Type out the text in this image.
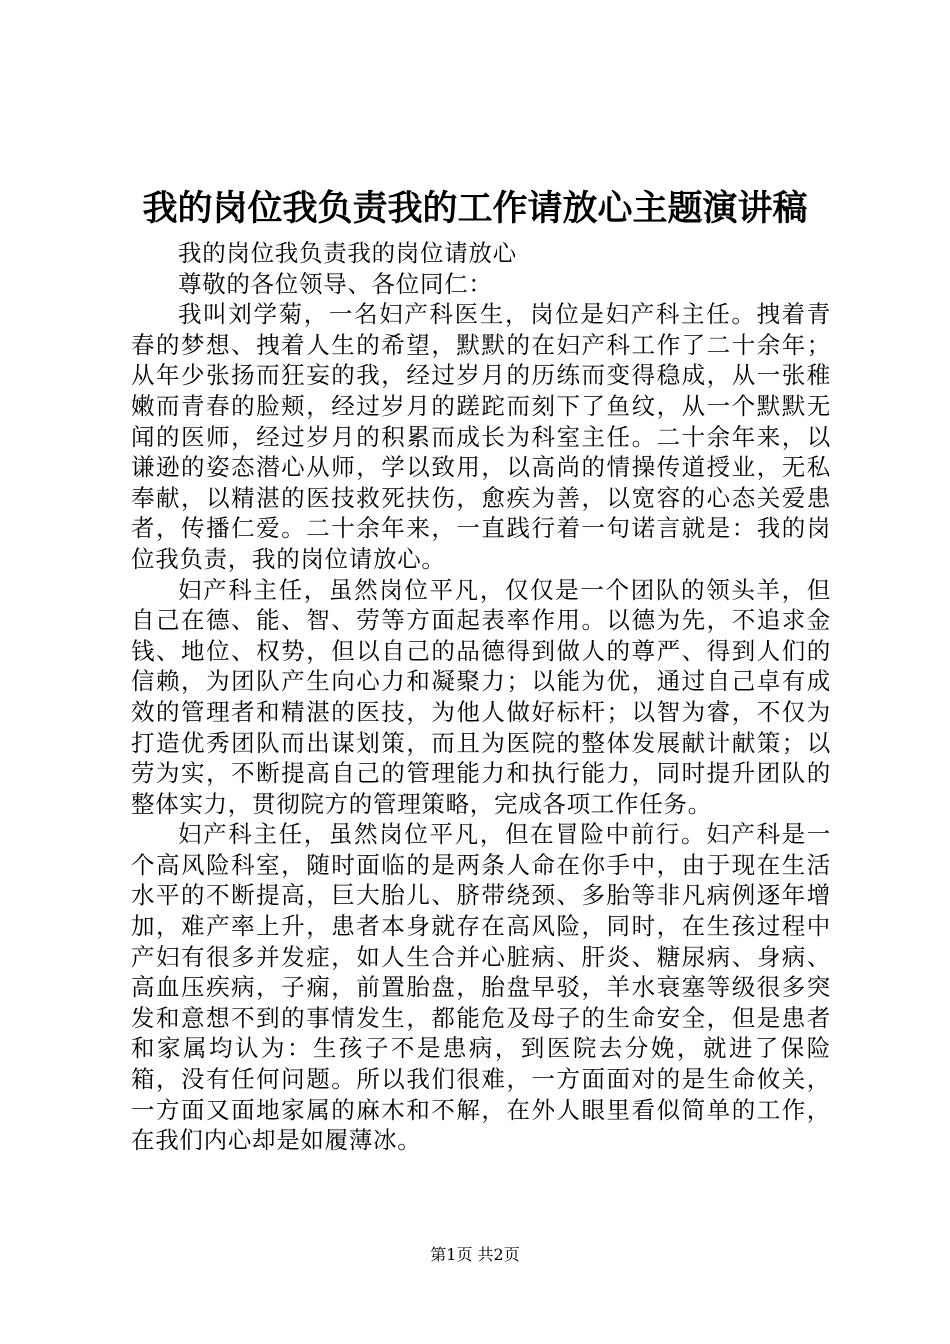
我的岗位我负责我的工作请放心主题演讲稿

我的岗位我负责我的岗位请放心

尊敬的各位领导、各位同仁：

我叫刘学菊，一名妇产科医生，岗位是妇产科主任。拽着青春的梦想、拽着人生的希望，默默的在妇产科工作了二十余年；从年少张扬而狂妄的我，经过岁月的历练而变得稳成，从一张稚嫩而青春的脸颊，经过岁月的蹉跎而刻下了鱼纹，从一个默默无闻的医师，经过岁月的积累而成长为科室主任。二十余年来，以谦逊的姿态潜心从师，学以致用，以高尚的情操传道授业，无私奉献，以精湛的医技救死扶伤，愈疾为善，以宽容的心态关爱患者，传播仁爱。二十余年来，一直践行着一句诺言就是：我的岗位我负责，我的岗位请放心。

妇产科主任，虽然岗位平凡，仅仅是一个团队的领头羊，但自己在德、能、智、劳等方面起表率作用。以德为先，不追求金钱、地位、权势，但以自己的品德得到做人的尊严、得到人们的信赖，为团队产生向心力和凝聚力；以能为优，通过自己卓有成效的管理者和精湛的医技，为他人做好标杆；以智为睿，不仅为打造优秀团队而出谋划策，而且为医院的整体发展献计献策；以劳为实，不断提高自己的管理能力和执行能力，同时提升团队的整体实力，贯彻院方的管理策略，完成各项工作任务。

妇产科主任，虽然岗位平凡，但在冒险中前行。妇产科是一个高风险科室，随时面临的是两条人命在你手中，由于现在生活水平的不断提高，巨大胎儿、脐带绕颈、多胎等非凡病例逐年增加，难产率上升，患者本身就存在高风险，同时，在生孩过程中产妇有很多并发症，如人生合并心脏病、肝炎、糖尿病、身病、高血压疾病，子痫，前置胎盘，胎盘早驳，羊水衰塞等级很多突发和意想不到的事情发生，都能危及母子的生命安全，但是患者和家属均认为：生孩子不是患病，到医院去分娩，就进了保险箱，没有任何问题。所以我们很难，一方面面对的是生命攸关，一方面又面地家属的麻木和不解，在外人眼里看似简单的工作，在我们内心却是如履薄冰。

第1页 共2页
